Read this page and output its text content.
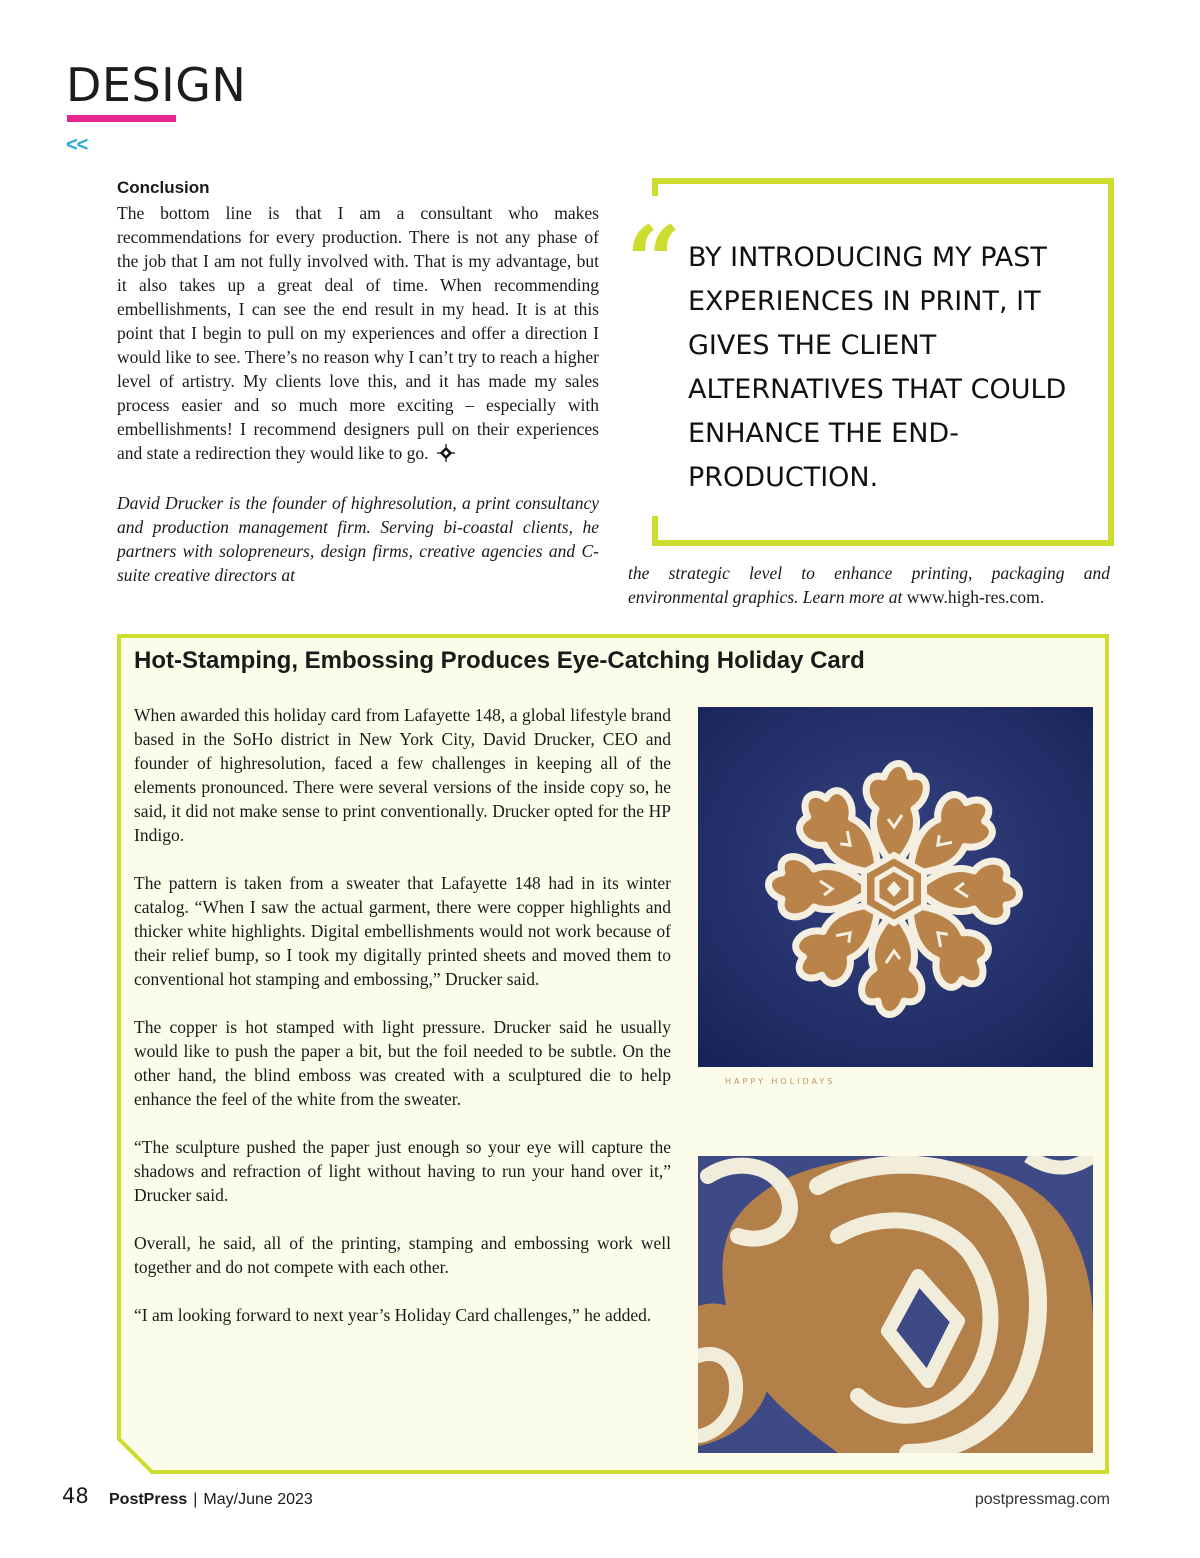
DESIGN
<<
Conclusion

The bottom line is that I am a consultant who makes recommendations for every production. There is not any phase of the job that I am not fully involved with. That is my advantage, but it also takes up a great deal of time. When recommending embellishments, I can see the end result in my head. It is at this point that I begin to pull on my experiences and offer a direction I would like to see. There’s no reason why I can’t try to reach a higher level of artistry. My clients love this, and it has made my sales process easier and so much more exciting – especially with embellishments! I recommend designers pull on their experiences and state a redirection they would like to go.

David Drucker is the founder of highresolution, a print consultancy and production management firm. Serving bi-coastal clients, he partners with solopreneurs, design firms, creative agencies and C-suite creative directors at

“ BY INTRODUCING MY PAST EXPERIENCES IN PRINT, IT GIVES THE CLIENT ALTERNATIVES THAT COULD ENHANCE THE END-PRODUCTION.

the strategic level to enhance printing, packaging and environmental graphics. Learn more at www.high-res.com.

Hot-Stamping, Embossing Produces Eye-Catching Holiday Card

When awarded this holiday card from Lafayette 148, a global lifestyle brand based in the SoHo district in New York City, David Drucker, CEO and founder of highresolution, faced a few challenges in keeping all of the elements pronounced. There were several versions of the inside copy so, he said, it did not make sense to print conventionally. Drucker opted for the HP Indigo.

The pattern is taken from a sweater that Lafayette 148 had in its winter catalog. “When I saw the actual garment, there were copper highlights and thicker white highlights. Digital embellishments would not work because of their relief bump, so I took my digitally printed sheets and moved them to conventional hot stamping and embossing,” Drucker said.

The copper is hot stamped with light pressure. Drucker said he usually would like to push the paper a bit, but the foil needed to be subtle. On the other hand, the blind emboss was created with a sculptured die to help enhance the feel of the white from the sweater.

“The sculpture pushed the paper just enough so your eye will capture the shadows and refraction of light without having to run your hand over it,” Drucker said.

Overall, he said, all of the printing, stamping and embossing work well together and do not compete with each other.

“I am looking forward to next year’s Holiday Card challenges,” he added.

HAPPY HOLIDAYS
48 PostPress | May/June 2023	postpressmag.com
